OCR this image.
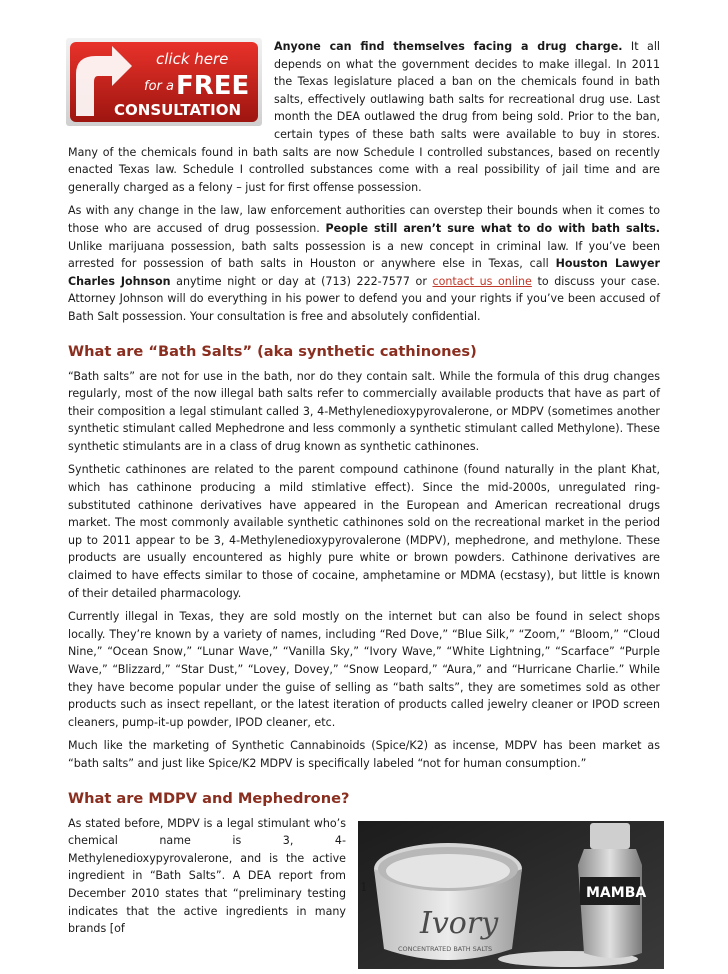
click here
for a FREE
CONSULTATION

Anyone can find themselves facing a drug charge. It all depends on what the government decides to make illegal. In 2011 the Texas legislature placed a ban on the chemicals found in bath salts, effectively outlawing bath salts for recreational drug use. Last month the DEA outlawed the drug from being sold. Prior to the ban, certain types of these bath salts were available to buy in stores. Many of the chemicals found in bath salts are now Schedule I controlled substances, based on recently enacted Texas law. Schedule I controlled substances come with a real possibility of jail time and are generally charged as a felony – just for first offense possession.

As with any change in the law, law enforcement authorities can overstep their bounds when it comes to those who are accused of drug possession. People still aren’t sure what to do with bath salts. Unlike marijuana possession, bath salts possession is a new concept in criminal law. If you’ve been arrested for possession of bath salts in Houston or anywhere else in Texas, call Houston Lawyer Charles Johnson anytime night or day at (713) 222-7577 or contact us online to discuss your case. Attorney Johnson will do everything in his power to defend you and your rights if you’ve been accused of Bath Salt possession. Your consultation is free and absolutely confidential.

What are “Bath Salts” (aka synthetic cathinones)

“Bath salts” are not for use in the bath, nor do they contain salt. While the formula of this drug changes regularly, most of the now illegal bath salts refer to commercially available products that have as part of their composition a legal stimulant called 3, 4-Methylenedioxypyrovalerone, or MDPV (sometimes another synthetic stimulant called Mephedrone and less commonly a synthetic stimulant called Methylone). These synthetic stimulants are in a class of drug known as synthetic cathinones.

Synthetic cathinones are related to the parent compound cathinone (found naturally in the plant Khat, which has cathinone producing a mild stimlative effect). Since the mid-2000s, unregulated ring-substituted cathinone derivatives have appeared in the European and American recreational drugs market. The most commonly available synthetic cathinones sold on the recreational market in the period up to 2011 appear to be 3, 4-Methylenedioxypyrovalerone (MDPV), mephedrone, and methylone. These products are usually encountered as highly pure white or brown powders. Cathinone derivatives are claimed to have effects similar to those of cocaine, amphetamine or MDMA (ecstasy), but little is known of their detailed pharmacology.

Currently illegal in Texas, they are sold mostly on the internet but can also be found in select shops locally. They’re known by a variety of names, including “Red Dove,” “Blue Silk,” “Zoom,” “Bloom,” “Cloud Nine,” “Ocean Snow,” “Lunar Wave,” “Vanilla Sky,” “Ivory Wave,” “White Lightning,” “Scarface” “Purple Wave,” “Blizzard,” “Star Dust,” “Lovey, Dovey,” “Snow Leopard,” “Aura,” and “Hurricane Charlie.” While they have become popular under the guise of selling as “bath salts”, they are sometimes sold as other products such as insect repellant, or the latest iteration of products called jewelry cleaner or IPOD screen cleaners, pump-it-up powder, IPOD cleaner, etc.

Much like the marketing of Synthetic Cannabinoids (Spice/K2) as incense, MDPV has been market as “bath salts” and just like Spice/K2 MDPV is specifically labeled “not for human consumption.”

What are MDPV and Mephedrone?
Ivory
CONCENTRATED BATH SALTS
MAMBA

As stated before, MDPV is a legal stimulant who’s chemical name is 3, 4-Methylenedioxypyrovalerone, and is the active ingredient in “Bath Salts”. A DEA report from December 2010 states that “preliminary testing indicates that the active ingredients in many brands [of

1
